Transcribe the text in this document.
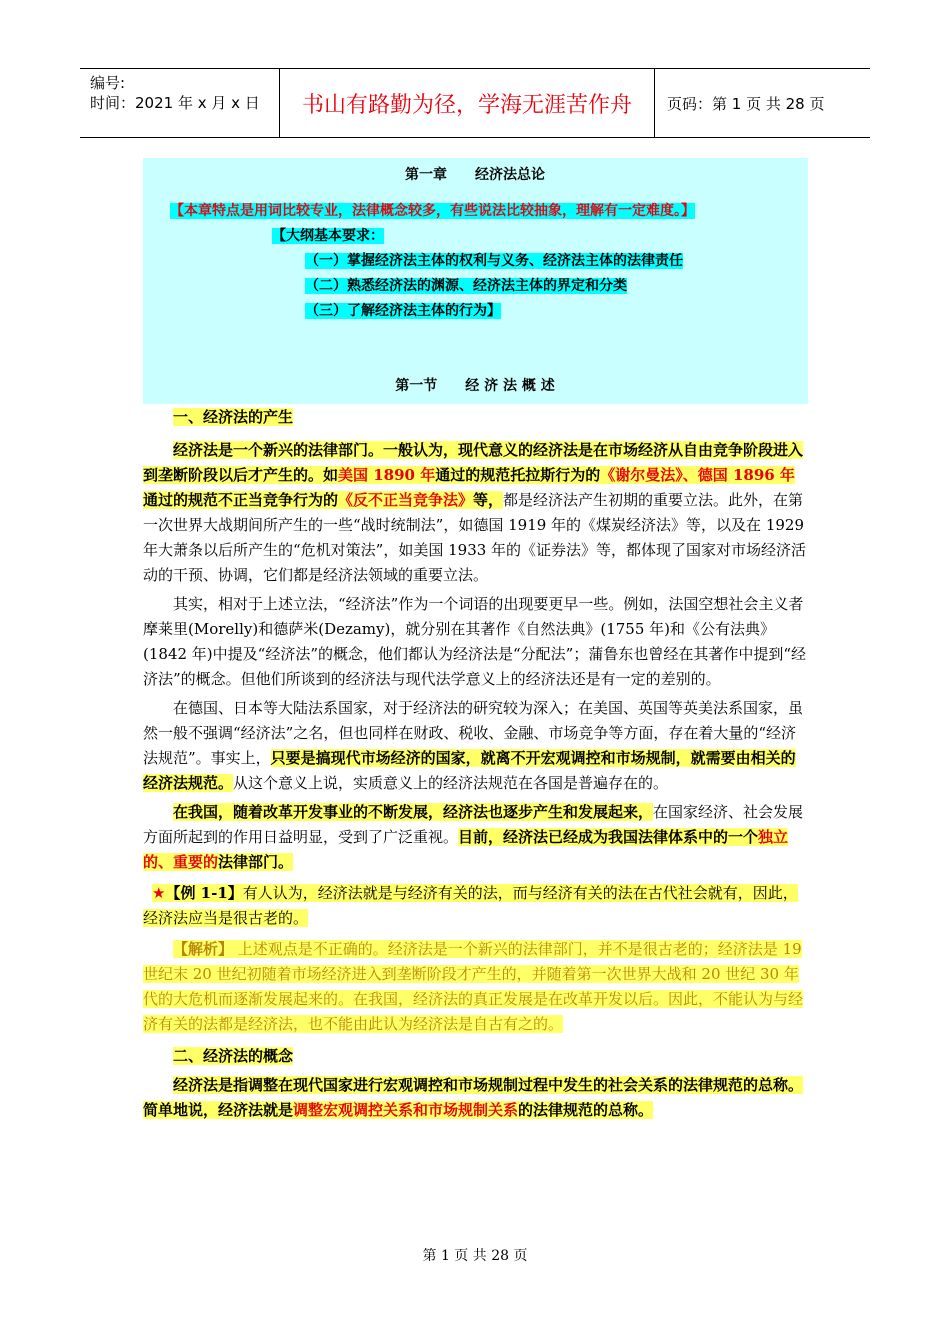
编号:
时间：2021 年 x 月 x 日	书山有路勤为径，学海无涯苦作舟	页码：第 1 页 共 28 页
第一章　　经济法总论
【本章特点是用词比较专业，法律概念较多，有些说法比较抽象，理解有一定难度。】
【大纲基本要求：
（一）掌握经济法主体的权利与义务、经济法主体的法律责任
（二）熟悉经济法的渊源、经济法主体的界定和分类
（三）了解经济法主体的行为】
第一节　　经 济 法 概 述
一、经济法的产生

经济法是一个新兴的法律部门。一般认为，现代意义的经济法是在市场经济从自由竞争阶段进入到垄断阶段以后才产生的。如美国 1890 年通过的规范托拉斯行为的《谢尔曼法》、德国 1896 年通过的规范不正当竞争行为的《反不正当竞争法》等，都是经济法产生初期的重要立法。此外，在第一次世界大战期间所产生的一些“战时统制法”，如德国 1919 年的《煤炭经济法》等，以及在 1929 年大萧条以后所产生的“危机对策法”，如美国 1933 年的《证券法》等，都体现了国家对市场经济活动的干预、协调，它们都是经济法领域的重要立法。

其实，相对于上述立法，“经济法”作为一个词语的出现要更早一些。例如，法国空想社会主义者摩莱里(Morelly)和德萨米(Dezamy)，就分别在其著作《自然法典》(1755 年)和《公有法典》(1842 年)中提及“经济法”的概念，他们都认为经济法是“分配法”；蒲鲁东也曾经在其著作中提到“经济法”的概念。但他们所谈到的经济法与现代法学意义上的经济法还是有一定的差别的。

在德国、日本等大陆法系国家，对于经济法的研究较为深入；在美国、英国等英美法系国家，虽然一般不强调“经济法”之名，但也同样在财政、税收、金融、市场竞争等方面，存在着大量的“经济法规范”。事实上，只要是搞现代市场经济的国家，就离不开宏观调控和市场规制，就需要由相关的经济法规范。从这个意义上说，实质意义上的经济法规范在各国是普遍存在的。

在我国，随着改革开发事业的不断发展，经济法也逐步产生和发展起来，在国家经济、社会发展方面所起到的作用日益明显，受到了广泛重视。目前，经济法已经成为我国法律体系中的一个独立的、重要的法律部门。

★【例 1-1】有人认为，经济法就是与经济有关的法，而与经济有关的法在古代社会就有，因此，经济法应当是很古老的。

【解析】 上述观点是不正确的。经济法是一个新兴的法律部门，并不是很古老的；经济法是 19 世纪末 20 世纪初随着市场经济进入到垄断阶段才产生的，并随着第一次世界大战和 20 世纪 30 年代的大危机而逐渐发展起来的。在我国，经济法的真正发展是在改革开发以后。因此，不能认为与经济有关的法都是经济法，也不能由此认为经济法是自古有之的。

二、经济法的概念

经济法是指调整在现代国家进行宏观调控和市场规制过程中发生的社会关系的法律规范的总称。简单地说，经济法就是调整宏观调控关系和市场规制关系的法律规范的总称。

第 1 页 共 28 页
